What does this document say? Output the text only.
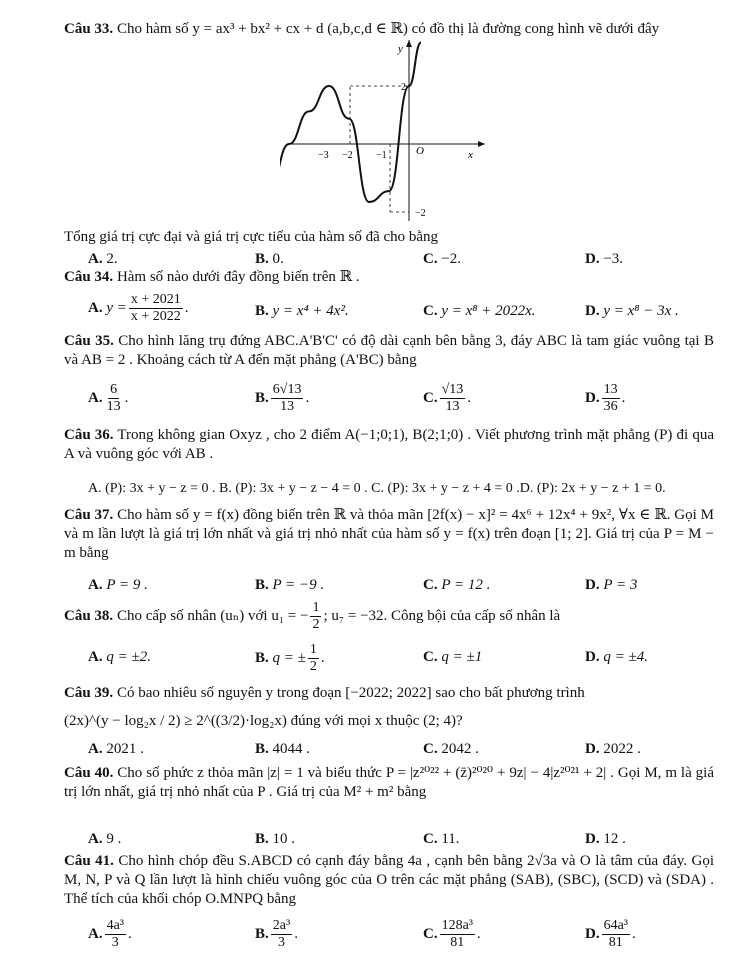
Câu 33. Cho hàm số y = ax³ + bx² + cx + d (a,b,c,d ∈ ℝ) có đồ thị là đường cong hình vẽ dưới đây
y
x
O
−3 −2 −1
2
−2
Tổng giá trị cực đại và giá trị cực tiểu của hàm số đã cho bằng
A. 2.	B. 0.	C. −2.	D. −3.
Câu 34. Hàm số nào dưới đây đồng biến trên ℝ .
A. $y = \frac{x + 2021}{x + 2022}$ .	B. y = x⁴ + 4x².	C. y = x⁸ + 2022x.	D. y = x⁸ − 3x .
Câu 35. Cho hình lăng trụ đứng ABC.A'B'C' có độ dài cạnh bên bằng 3, đáy ABC là tam giác vuông tại B và AB = 2 . Khoảng cách từ A đến mặt phẳng (A'BC) bằng
A. $\frac{6}{13}$ .	B. $\frac{6√13}{13}$ .	C. $\frac{√13}{13}$ .	D. $\frac{13}{36}$ .
Câu 36. Trong không gian Oxyz , cho 2 điểm A(−1;0;1), B(2;1;0) . Viết phương trình mặt phẳng (P) đi qua A và vuông góc với AB .
A. (P): 3x + y − z = 0 . B. (P): 3x + y − z − 4 = 0 . C. (P): 3x + y − z + 4 = 0 .D. (P): 2x + y − z + 1 = 0.
Câu 37. Cho hàm số y = f(x) đồng biến trên ℝ và thỏa mãn [2f(x) − x]² = 4x⁶ + 12x⁴ + 9x², ∀x ∈ ℝ. Gọi M và m lần lượt là giá trị lớn nhất và giá trị nhỏ nhất của hàm số y = f(x) trên đoạn [1; 2]. Giá trị của P = M − m bằng
A. P = 9 .	B. P = −9 .	C. P = 12 .	D. P = 3
Câu 38. Cho cấp số nhân (uₙ) với u₁ = − $\frac{1}{2}$ ; u₇ = −32. Công bội của cấp số nhân là
A. q = ±2.	B. q = ± $\frac{1}{2}$ .	C. q = ±1	D. q = ±4.
Câu 39. Có bao nhiêu số nguyên y trong đoạn [−2022; 2022] sao cho bất phương trình
(2x)^(y − log₂x / 2) ≥ 2^((3/2)·log₂x) đúng với mọi x thuộc (2; 4)?
A. 2021 .	B. 4044 .	C. 2042 .	D. 2022 .
Câu 40. Cho số phức z thỏa mãn |z| = 1 và biểu thức P = |z²⁰²² + (z̄)²⁰²⁰ + 9z| − 4|z²⁰²¹ + 2| . Gọi M, m là giá trị lớn nhất, giá trị nhỏ nhất của P . Giá trị của M² + m² bằng
A. 9 .	B. 10 .	C. 11.	D. 12 .
Câu 41. Cho hình chóp đều S.ABCD có cạnh đáy bằng 4a , cạnh bên bằng 2√3a và O là tâm của đáy. Gọi M, N, P và Q lần lượt là hình chiếu vuông góc của O trên các mặt phẳng (SAB), (SBC), (SCD) và (SDA) . Thể tích của khối chóp O.MNPQ bằng
A. $\frac{\text{4a³}}{3}$ .	B. $\frac{\text{2a³}}{3}$ .	C. $\frac{\text{128a³}}{81}$ .	D. $\frac{\text{64a³}}{81}$ .
